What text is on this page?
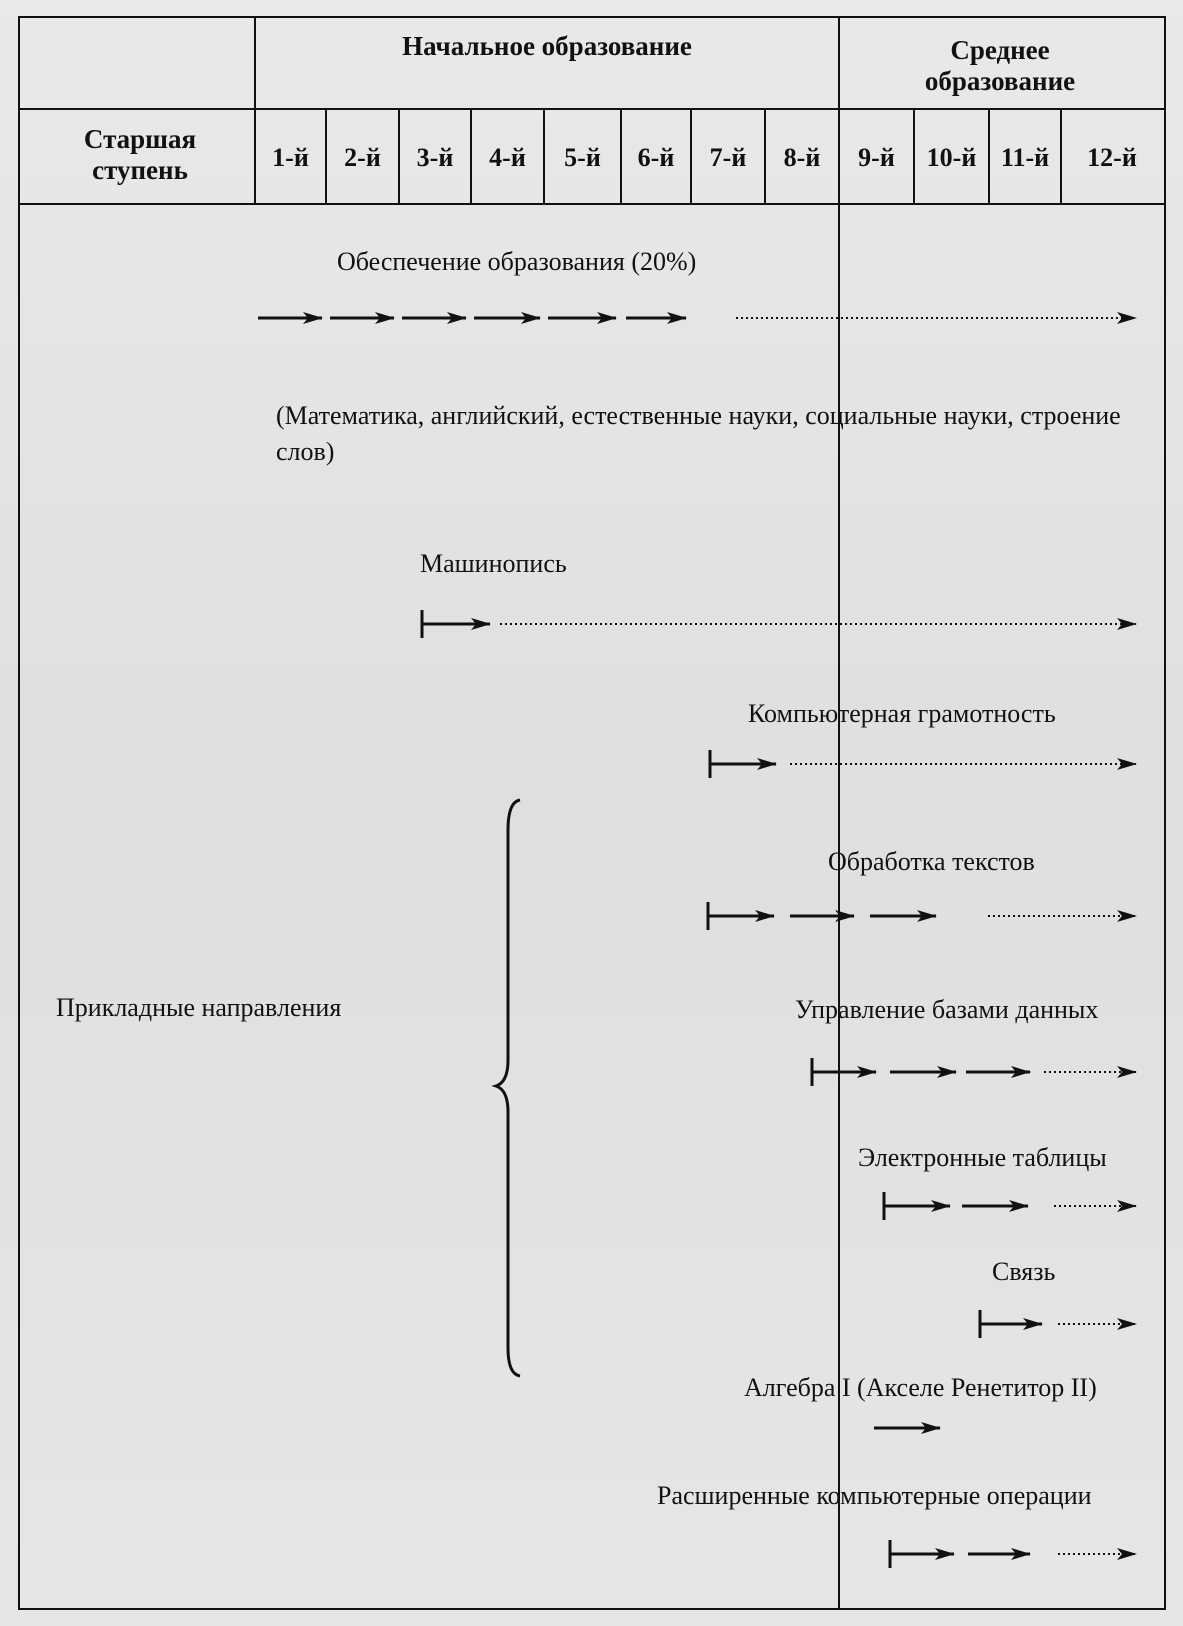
Начальное образование	Среднее образование
Старшая ступень	1-й	2-й	3-й	4-й	5-й	6-й	7-й	8-й	9-й	10-й 11-й	12-й
Обеспечение образования (20%)
(Математика, английский, естественные науки, социальные науки, строение слов)
Машинопись
Компьютерная грамотность
Обработка текстов
Прикладные направления	Управление базами данных
Электронные таблицы
Связь
Алгебра I (Акселе Ренетитор II)
Расширенные компьютерные операции
